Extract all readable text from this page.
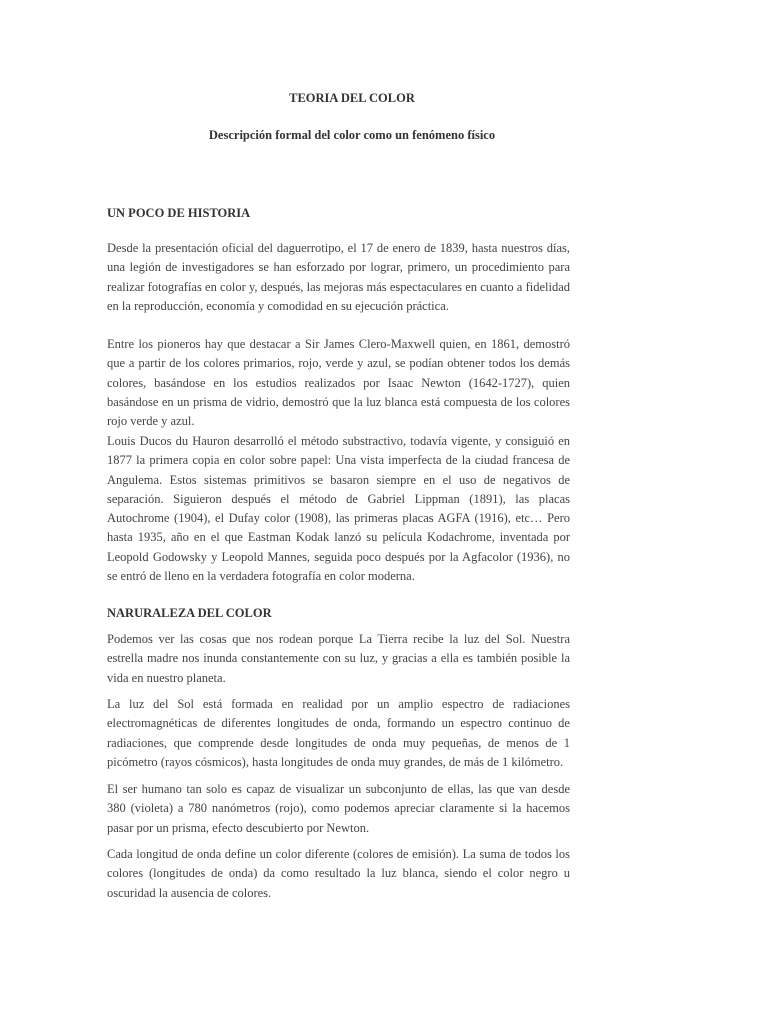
TEORIA DEL COLOR
Descripción formal del color como un fenómeno físico
UN POCO DE HISTORIA

Desde la presentación oficial del daguerrotipo, el 17 de enero de 1839, hasta nuestros días, una legión de investigadores se han esforzado por lograr, primero, un procedimiento para realizar fotografías en color y, después, las mejoras más espectaculares en cuanto a fidelidad en la reproducción, economía y comodidad en su ejecución práctica.

Entre los pioneros hay que destacar a Sir James Clero-Maxwell quien, en 1861, demostró que a partir de los colores primarios, rojo, verde y azul, se podían obtener todos los demás colores, basándose en los estudios realizados por Isaac Newton (1642-1727), quien basándose en un prisma de vidrio, demostró que la luz blanca está compuesta de los colores rojo verde y azul.

Louis Ducos du Hauron desarrolló el método substractivo, todavía vigente, y consiguió en 1877 la primera copia en color sobre papel: Una vista imperfecta de la ciudad francesa de Angulema. Estos sistemas primitivos se basaron siempre en el uso de negativos de separación. Siguieron después el método de Gabriel Lippman (1891), las placas Autochrome (1904), el Dufay color (1908), las primeras placas AGFA (1916), etc… Pero hasta 1935, año en el que Eastman Kodak lanzó su película Kodachrome, inventada por Leopold Godowsky y Leopold Mannes, seguida poco después por la Agfacolor (1936), no se entró de lleno en la verdadera fotografía en color moderna.

NARURALEZA DEL COLOR

Podemos ver las cosas que nos rodean porque La Tierra recibe la luz del Sol. Nuestra estrella madre nos inunda constantemente con su luz, y gracias a ella es también posible la vida en nuestro planeta.

La luz del Sol está formada en realidad por un amplio espectro de radiaciones electromagnéticas de diferentes longitudes de onda, formando un espectro continuo de radiaciones, que comprende desde longitudes de onda muy pequeñas, de menos de 1 picómetro (rayos cósmicos), hasta longitudes de onda muy grandes, de más de 1 kilómetro.

El ser humano tan solo es capaz de visualizar un subconjunto de ellas, las que van desde 380 (violeta) a 780 nanómetros (rojo), como podemos apreciar claramente si la hacemos pasar por un prisma, efecto descubierto por Newton.

Cada longitud de onda define un color diferente (colores de emisión). La suma de todos los colores (longitudes de onda) da como resultado la luz blanca, siendo el color negro u oscuridad la ausencia de colores.
